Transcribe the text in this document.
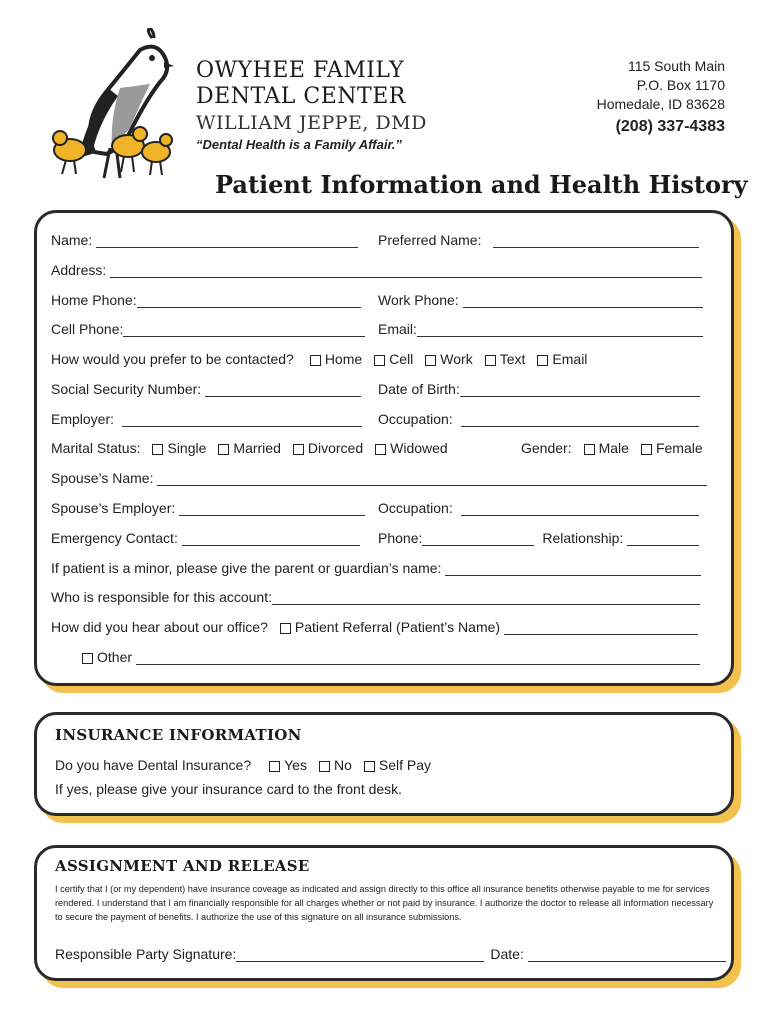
OWYHEE FAMILY
DENTAL CENTER
WILLIAM JEPPE, DMD
“Dental Health is a Family Affair.”
115 South Main
P.O. Box 1170
Homedale, ID 83628
(208) 337-4383
Patient Information and Health History
Name:	Preferred Name:
Address:
Home Phone:	Work Phone:
Cell Phone:	Email:
How would you prefer to be contacted? Home Cell Work Text Email
Social Security Number:	Date of Birth:
Employer:	Occupation:
Marital Status: Single Married Divorced Widowed	Gender: Male Female
Spouse’s Name:
Spouse’s Employer:	Occupation:
Emergency Contact:	Phone:	Relationship:
If patient is a minor, please give the parent or guardian’s name:
Who is responsible for this account:
How did you hear about our office? Patient Referral (Patient’s Name)
Other
INSURANCE INFORMATION
Do you have Dental Insurance? Yes No Self Pay
If yes, please give your insurance card to the front desk.
ASSIGNMENT AND RELEASE
I certify that I (or my dependent) have insurance coveage as indicated and assign directly to this office all insurance benefits otherwise payable to me for services rendered. I understand that I am financially responsible for all charges whether or not paid by insurance. I authorize the doctor to release all information necessary to secure the payment of benefits. I authorize the use of this signature on all insurance submissions.
Responsible Party Signature:	Date:
